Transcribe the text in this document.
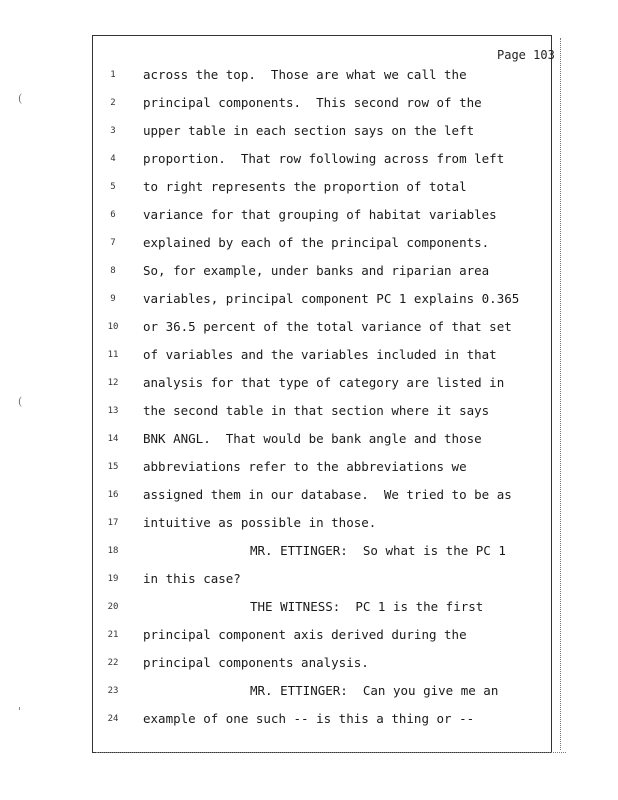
(
(
'
Page 103
1	across the top.  Those are what we call the
2	principal components.  This second row of the
3	upper table in each section says on the left
4	proportion.  That row following across from left
5	to right represents the proportion of total
6	variance for that grouping of habitat variables
7	explained by each of the principal components.
8	So, for example, under banks and riparian area
9	variables, principal component PC 1 explains 0.365
10	or 36.5 percent of the total variance of that set
11	of variables and the variables included in that
12	analysis for that type of category are listed in
13	the second table in that section where it says
14	BNK ANGL.  That would be bank angle and those
15	abbreviations refer to the abbreviations we
16	assigned them in our database.  We tried to be as
17	intuitive as possible in those.
18	MR. ETTINGER:  So what is the PC 1
19	in this case?
20	THE WITNESS:  PC 1 is the first
21	principal component axis derived during the
22	principal components analysis.
23	MR. ETTINGER:  Can you give me an
24	example of one such -- is this a thing or --
